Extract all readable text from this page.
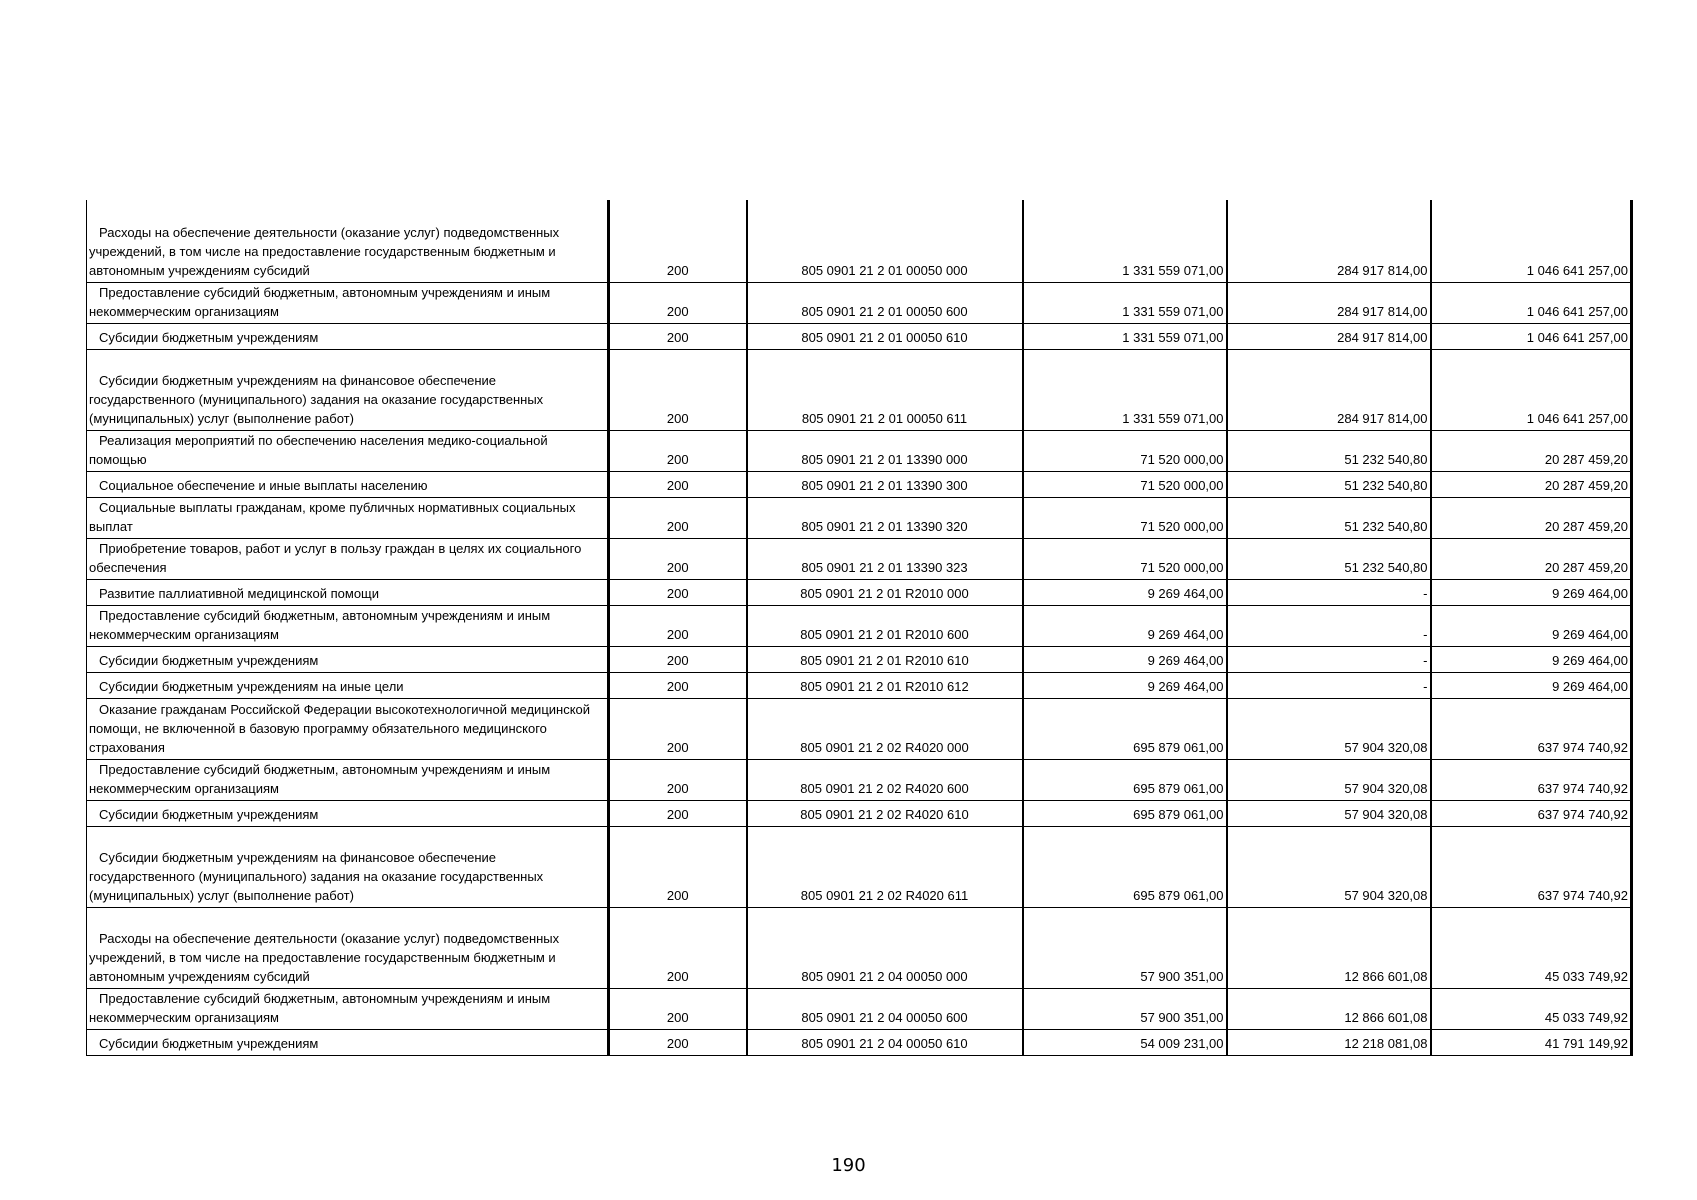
Расходы на обеспечение деятельности (оказание услуг) подведомственных учреждений, в том числе на предоставление государственным бюджетным и автономным учреждениям субсидий	200	805 0901 21 2 01 00050 000	1 331 559 071,00	284 917 814,00	1 046 641 257,00

Предоставление субсидий бюджетным, автономным учреждениям и иным некоммерческим организациям	200	805 0901 21 2 01 00050 600	1 331 559 071,00	284 917 814,00	1 046 641 257,00

Субсидии бюджетным учреждениям	200	805 0901 21 2 01 00050 610	1 331 559 071,00	284 917 814,00	1 046 641 257,00

Субсидии бюджетным учреждениям на финансовое обеспечение государственного (муниципального) задания на оказание государственных (муниципальных) услуг (выполнение работ)	200	805 0901 21 2 01 00050 611	1 331 559 071,00	284 917 814,00	1 046 641 257,00

Реализация мероприятий по обеспечению населения медико-социальной помощью	200	805 0901 21 2 01 13390 000	71 520 000,00	51 232 540,80	20 287 459,20

Социальное обеспечение и иные выплаты населению	200	805 0901 21 2 01 13390 300	71 520 000,00	51 232 540,80	20 287 459,20

Социальные выплаты гражданам, кроме публичных нормативных социальных выплат	200	805 0901 21 2 01 13390 320	71 520 000,00	51 232 540,80	20 287 459,20

Приобретение товаров, работ и услуг в пользу граждан в целях их социального обеспечения	200	805 0901 21 2 01 13390 323	71 520 000,00	51 232 540,80	20 287 459,20

Развитие паллиативной медицинской помощи	200	805 0901 21 2 01 R2010 000	9 269 464,00	-	9 269 464,00

Предоставление субсидий бюджетным, автономным учреждениям и иным некоммерческим организациям	200	805 0901 21 2 01 R2010 600	9 269 464,00	-	9 269 464,00

Субсидии бюджетным учреждениям	200	805 0901 21 2 01 R2010 610	9 269 464,00	-	9 269 464,00

Субсидии бюджетным учреждениям на иные цели	200	805 0901 21 2 01 R2010 612	9 269 464,00	-	9 269 464,00

Оказание гражданам Российской Федерации высокотехнологичной медицинской помощи, не включенной в базовую программу обязательного медицинского страхования	200	805 0901 21 2 02 R4020 000	695 879 061,00	57 904 320,08	637 974 740,92

Предоставление субсидий бюджетным, автономным учреждениям и иным некоммерческим организациям	200	805 0901 21 2 02 R4020 600	695 879 061,00	57 904 320,08	637 974 740,92

Субсидии бюджетным учреждениям	200	805 0901 21 2 02 R4020 610	695 879 061,00	57 904 320,08	637 974 740,92

Субсидии бюджетным учреждениям на финансовое обеспечение государственного (муниципального) задания на оказание государственных (муниципальных) услуг (выполнение работ)	200	805 0901 21 2 02 R4020 611	695 879 061,00	57 904 320,08	637 974 740,92

Расходы на обеспечение деятельности (оказание услуг) подведомственных учреждений, в том числе на предоставление государственным бюджетным и автономным учреждениям субсидий	200	805 0901 21 2 04 00050 000	57 900 351,00	12 866 601,08	45 033 749,92

Предоставление субсидий бюджетным, автономным учреждениям и иным некоммерческим организациям	200	805 0901 21 2 04 00050 600	57 900 351,00	12 866 601,08	45 033 749,92

Субсидии бюджетным учреждениям	200	805 0901 21 2 04 00050 610	54 009 231,00	12 218 081,08	41 791 149,92
190
